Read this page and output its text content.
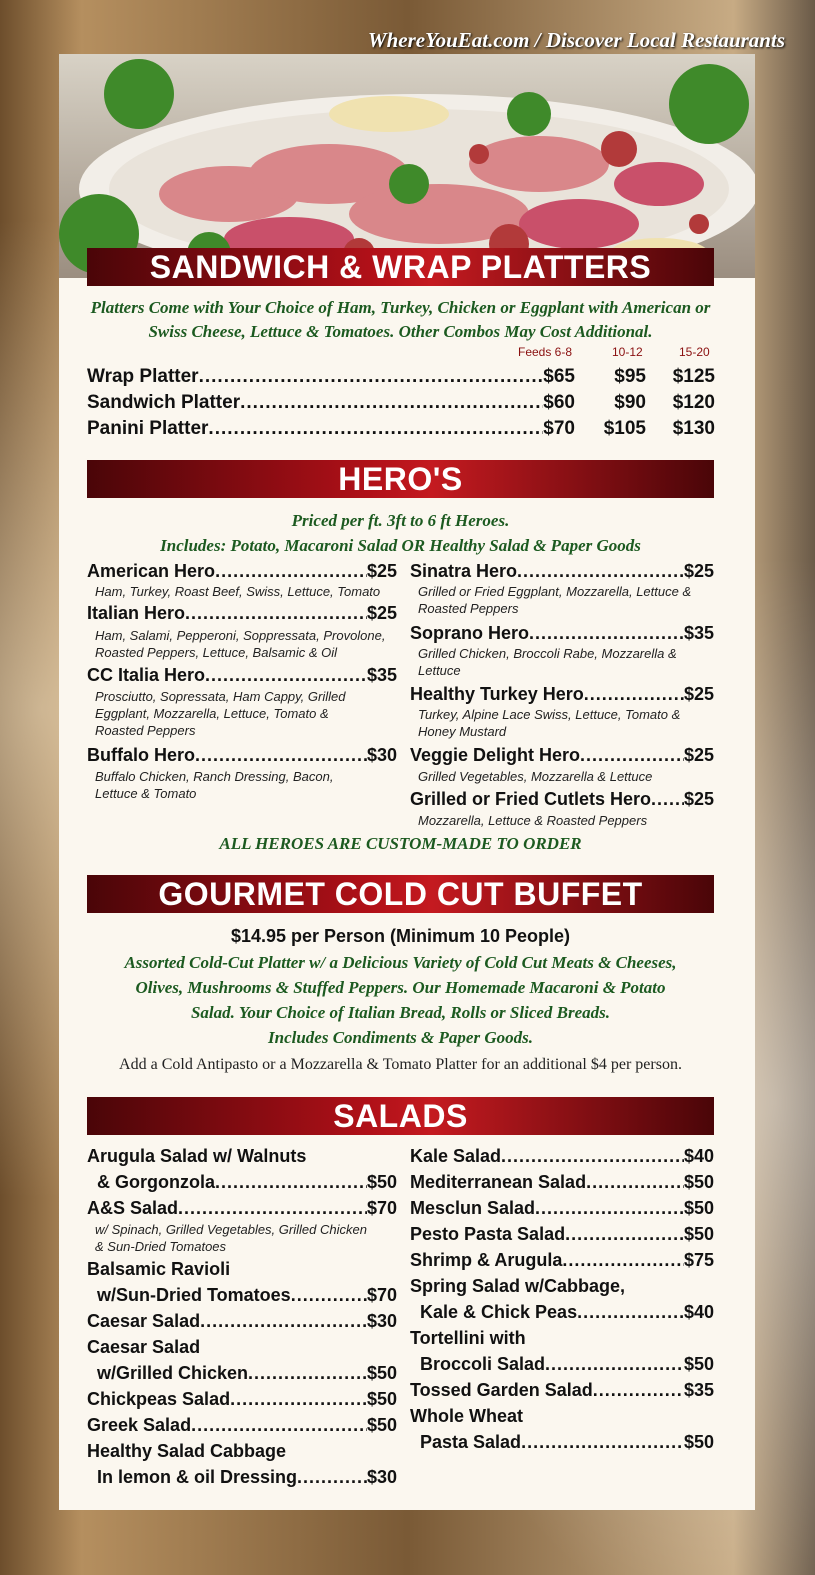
WhereYouEat.com / Discover Local Restaurants
SANDWICH & WRAP PLATTERS
Platters Come with Your Choice of Ham, Turkey, Chicken or Eggplant with American or
Swiss Cheese, Lettuce & Tomatoes. Other Combos May Cost Additional.
Feeds 6-8	10-12	15-20
Wrap Platter .....	$65	$95	$125
Sandwich Platter .....	$60	$90	$120
Panini Platter .....	$70	$105	$130
HERO'S
Priced per ft. 3ft to 6 ft Heroes.
Includes: Potato, Macaroni Salad OR Healthy Salad & Paper Goods
American Hero .....	$25
Ham, Turkey, Roast Beef, Swiss, Lettuce, Tomato
Italian Hero .....	$25
Ham, Salami, Pepperoni, Soppressata, Provolone,
Roasted Peppers, Lettuce, Balsamic & Oil
CC Italia Hero .....	$35
Prosciutto, Sopressata, Ham Cappy, Grilled
Eggplant, Mozzarella, Lettuce, Tomato &
Roasted Peppers
Buffalo Hero .....	$30
Buffalo Chicken, Ranch Dressing, Bacon,
Lettuce & Tomato
Sinatra Hero .....	$25
Grilled or Fried Eggplant, Mozzarella, Lettuce &
Roasted Peppers
Soprano Hero .....	$35
Grilled Chicken, Broccoli Rabe, Mozzarella &
Lettuce
Healthy Turkey Hero .....	$25
Turkey, Alpine Lace Swiss, Lettuce, Tomato &
Honey Mustard
Veggie Delight Hero .....	$25
Grilled Vegetables, Mozzarella & Lettuce
Grilled or Fried Cutlets Hero ..... $25
Mozzarella, Lettuce & Roasted Peppers
ALL HEROES ARE CUSTOM-MADE TO ORDER
GOURMET COLD CUT BUFFET
$14.95 per Person (Minimum 10 People)
Assorted Cold-Cut Platter w/ a Delicious Variety of Cold Cut Meats & Cheeses,
Olives, Mushrooms & Stuffed Peppers. Our Homemade Macaroni & Potato
Salad. Your Choice of Italian Bread, Rolls or Sliced Breads.
Includes Condiments & Paper Goods.
Add a Cold Antipasto or a Mozzarella & Tomato Platter for an additional $4 per person.
SALADS
Arugula Salad w/ Walnuts
& Gorgonzola .....	$50
A&S Salad .....	$70
w/ Spinach, Grilled Vegetables, Grilled Chicken
& Sun-Dried Tomatoes
Balsamic Ravioli
w/Sun-Dried Tomatoes .....	$70
Caesar Salad .....	$30
Caesar Salad
w/Grilled Chicken .....	$50
Chickpeas Salad .....	$50
Greek Salad .....	$50
Healthy Salad Cabbage
In lemon & oil Dressing .....	$30
Kale Salad .....	$40
Mediterranean Salad .....	$50
Mesclun Salad .....	$50
Pesto Pasta Salad .....	$50
Shrimp & Arugula .....	$75
Spring Salad w/Cabbage,
Kale & Chick Peas .....	$40
Tortellini with
Broccoli Salad .....	$50
Tossed Garden Salad .....	$35
Whole Wheat
Pasta Salad .....	$50
